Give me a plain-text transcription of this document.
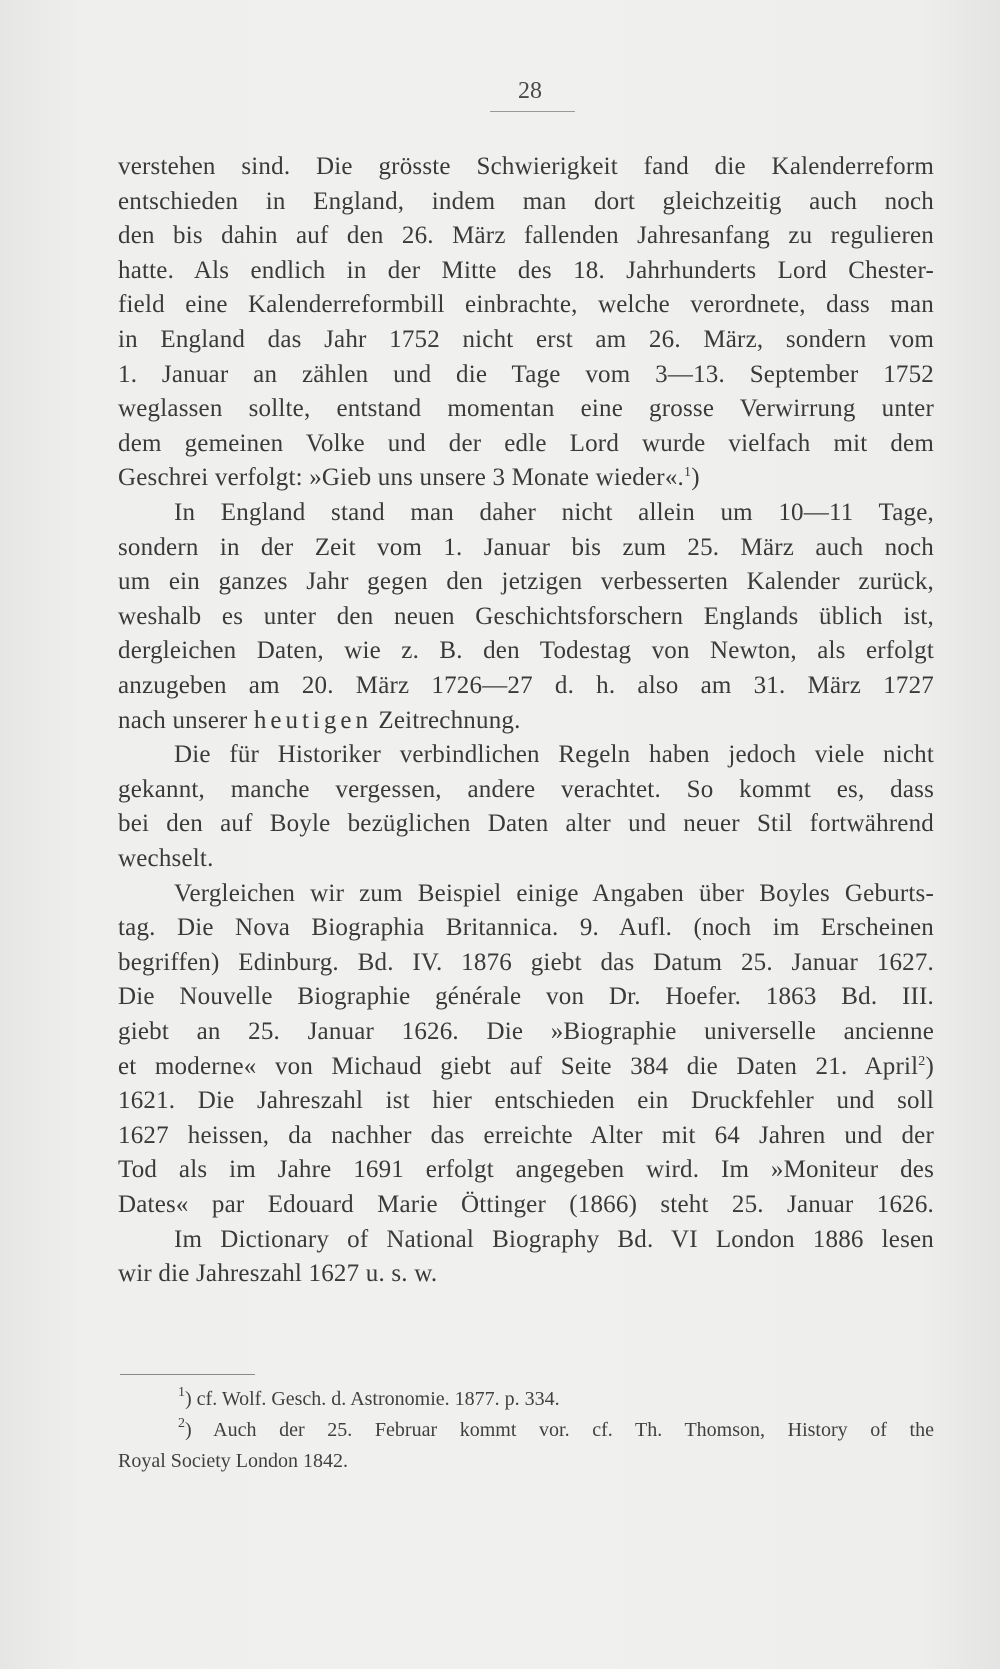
28
verstehen sind. Die grösste Schwierigkeit fand die Kalenderreform
entschieden in England, indem man dort gleichzeitig auch noch
den bis dahin auf den 26. März fallenden Jahresanfang zu regulieren
hatte. Als endlich in der Mitte des 18. Jahrhunderts Lord Chester-
field eine Kalenderreformbill einbrachte, welche verordnete, dass man
in England das Jahr 1752 nicht erst am 26. März, sondern vom
1. Januar an zählen und die Tage vom 3—13. September 1752
weglassen sollte, entstand momentan eine grosse Verwirrung unter
dem gemeinen Volke und der edle Lord wurde vielfach mit dem
Geschrei verfolgt: »Gieb uns unsere 3 Monate wieder«.$^1$)
In England stand man daher nicht allein um 10—11 Tage,
sondern in der Zeit vom 1. Januar bis zum 25. März auch noch
um ein ganzes Jahr gegen den jetzigen verbesserten Kalender zurück,
weshalb es unter den neuen Geschichtsforschern Englands üblich ist,
dergleichen Daten, wie z. B. den Todestag von Newton, als erfolgt
anzugeben am 20. März 1726—27 d. h. also am 31. März 1727
nach unserer heutigen Zeitrechnung.
Die für Historiker verbindlichen Regeln haben jedoch viele nicht
gekannt, manche vergessen, andere verachtet. So kommt es, dass
bei den auf Boyle bezüglichen Daten alter und neuer Stil fortwährend
wechselt.
Vergleichen wir zum Beispiel einige Angaben über Boyles Geburts-
tag. Die Nova Biographia Britannica. 9. Aufl. (noch im Erscheinen
begriffen) Edinburg. Bd. IV. 1876 giebt das Datum 25. Januar 1627.
Die Nouvelle Biographie générale von Dr. Hoefer. 1863 Bd. III.
giebt an 25. Januar 1626. Die »Biographie universelle ancienne
et moderne« von Michaud giebt auf Seite 384 die Daten 21. April$^2$)
1621. Die Jahreszahl ist hier entschieden ein Druckfehler und soll
1627 heissen, da nachher das erreichte Alter mit 64 Jahren und der
Tod als im Jahre 1691 erfolgt angegeben wird. Im »Moniteur des
Dates« par Edouard Marie Öttinger (1866) steht 25. Januar 1626.
Im Dictionary of National Biography Bd. VI London 1886 lesen
wir die Jahreszahl 1627 u. s. w.
$^1$) cf. Wolf. Gesch. d. Astronomie. 1877. p. 334.
$^2$) Auch der 25. Februar kommt vor. cf. Th. Thomson, History of the
Royal Society London 1842.
